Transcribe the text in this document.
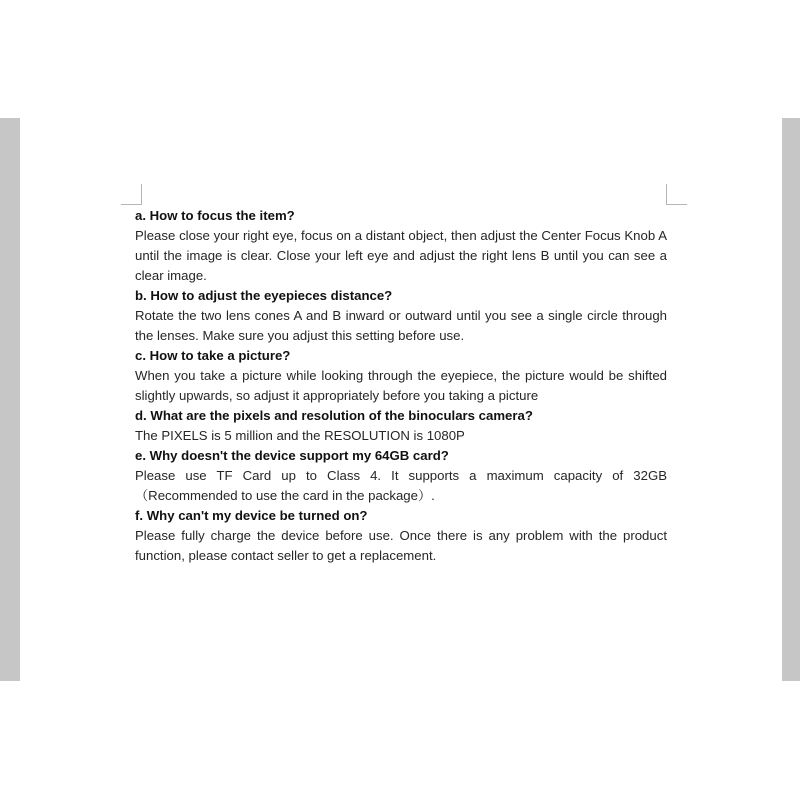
a. How to focus the item?

Please close your right eye, focus on a distant object, then adjust the Center Focus Knob A until the image is clear. Close your left eye and adjust the right lens B until you can see a clear image.

b. How to adjust the eyepieces distance?

Rotate the two lens cones A and B inward or outward until you see a single circle through the lenses. Make sure you adjust this setting before use.

c. How to take a picture?

When you take a picture while looking through the eyepiece, the picture would be shifted slightly upwards, so adjust it appropriately before you taking a picture

d. What are the pixels and resolution of the binoculars camera?

The PIXELS is 5 million and the RESOLUTION is 1080P

e. Why doesn't the device support my 64GB card?

Please use TF Card up to Class 4. It supports a maximum capacity of 32GB （Recommended to use the card in the package）.

f. Why can't my device be turned on?

Please fully charge the device before use. Once there is any problem with the product function, please contact seller to get a replacement.
